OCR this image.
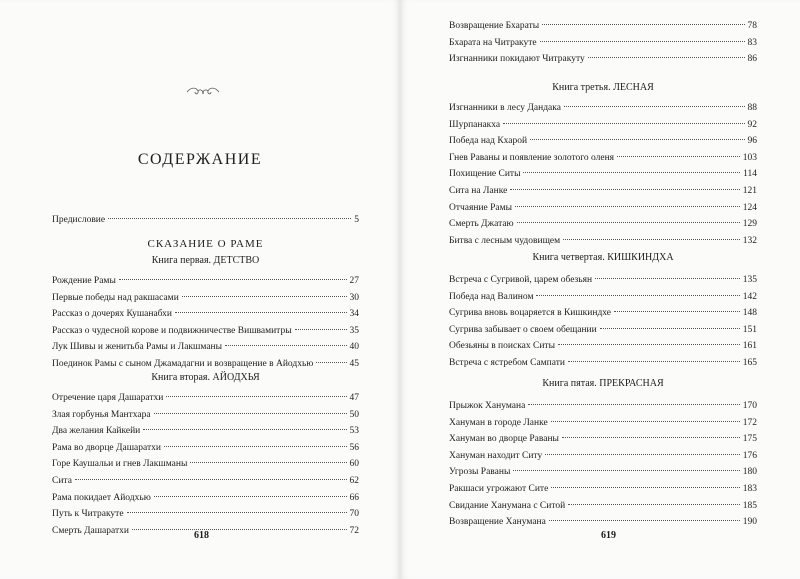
СОДЕРЖАНИЕ
Предисловие	5
СКАЗАНИЕ О РАМЕ
Книга первая. ДЕТСТВО
Рождение Рамы	27
Первые победы над ракшасами	30
Рассказ о дочерях Кушанабхи	34
Рассказ о чудесной корове и подвижничестве Вишвамитры	35
Лук Шивы и женитьба Рамы и Лакшманы	40
Поединок Рамы с сыном Джамадагни и возвращение в Айодхью	45
Книга вторая. АЙОДХЬЯ
Отречение царя Дашаратхи	47
Злая горбунья Мантхара	50
Два желания Кайкейи	53
Рама во дворце Дашаратхи	56
Горе Каушальи и гнев Лакшманы	60
Сита	62
Рама покидает Айодхью	66
Путь к Читракуте	70
Смерть Дашаратхи	72
618
Возвращение Бхараты	78
Бхарата на Читракуте	83
Изгнанники покидают Читракуту	86
Книга третья. ЛЕСНАЯ
Изгнанники в лесу Дандака	88
Шурпанакха	92
Победа над Кхарой	96
Гнев Раваны и появление золотого оленя	103
Похищение Ситы	114
Сита на Ланке	121
Отчаяние Рамы	124
Смерть Джатаю	129
Битва с лесным чудовищем	132
Книга четвертая. КИШКИНДХА
Встреча с Сугривой, царем обезьян	135
Победа над Валином	142
Сугрива вновь воцаряется в Кишкиндхе	148
Сугрива забывает о своем обещании	151
Обезьяны в поисках Ситы	161
Встреча с ястребом Сампати	165
Книга пятая. ПРЕКРАСНАЯ
Прыжок Ханумана	170
Хануман в городе Ланке	172
Хануман во дворце Раваны	175
Хануман находит Ситу	176
Угрозы Раваны	180
Ракшаси угрожают Сите	183
Свидание Ханумана с Ситой	185
Возвращение Ханумана	190
619
